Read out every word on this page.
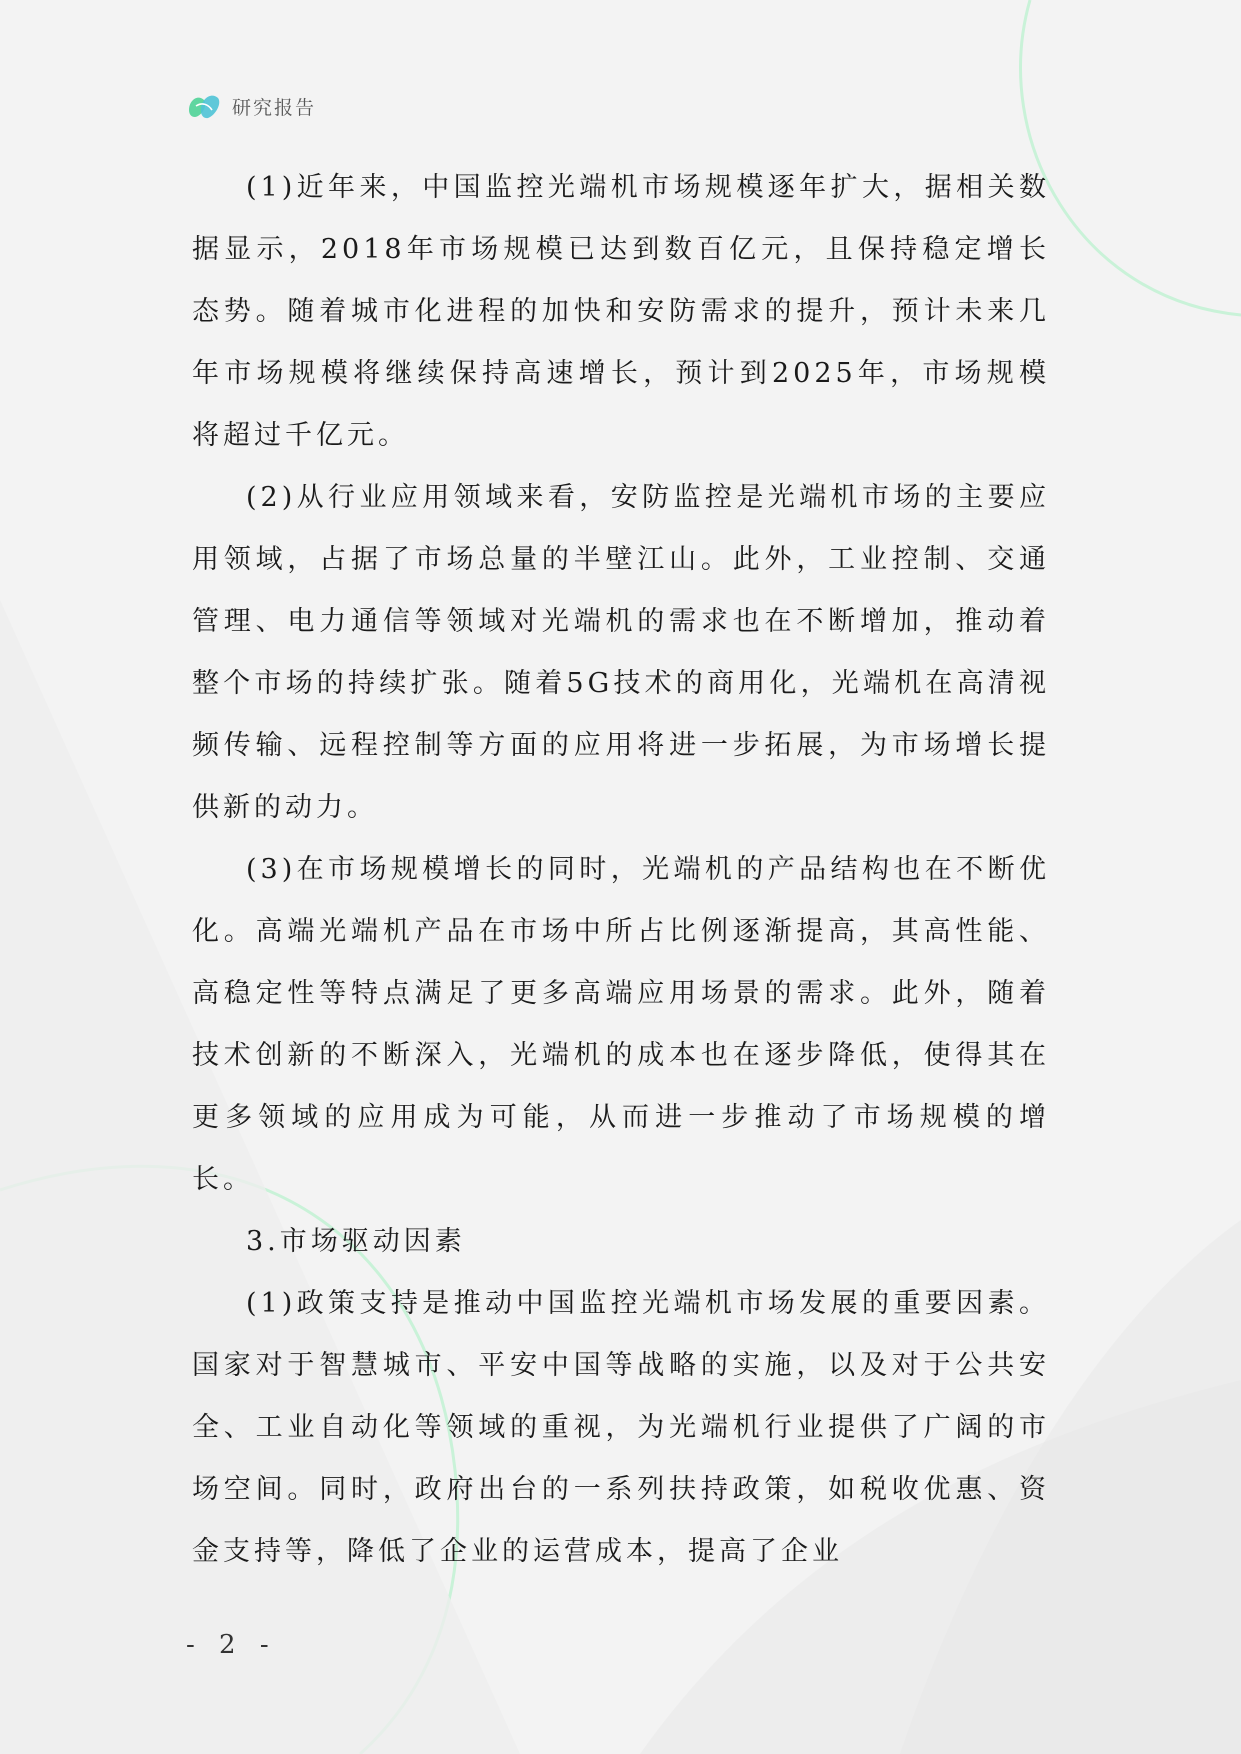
研究报告

(1)近年来，中国监控光端机市场规模逐年扩大，据相关数据显示，2018年市场规模已达到数百亿元，且保持稳定增长态势。随着城市化进程的加快和安防需求的提升，预计未来几年市场规模将继续保持高速增长，预计到2025年，市场规模将超过千亿元。

(2)从行业应用领域来看，安防监控是光端机市场的主要应用领域，占据了市场总量的半壁江山。此外，工业控制、交通管理、电力通信等领域对光端机的需求也在不断增加，推动着整个市场的持续扩张。随着5G技术的商用化，光端机在高清视频传输、远程控制等方面的应用将进一步拓展，为市场增长提供新的动力。

(3)在市场规模增长的同时，光端机的产品结构也在不断优化。高端光端机产品在市场中所占比例逐渐提高，其高性能、高稳定性等特点满足了更多高端应用场景的需求。此外，随着技术创新的不断深入，光端机的成本也在逐步降低，使得其在更多领域的应用成为可能，从而进一步推动了市场规模的增长。

3.市场驱动因素

(1)政策支持是推动中国监控光端机市场发展的重要因素。国家对于智慧城市、平安中国等战略的实施，以及对于公共安全、工业自动化等领域的重视，为光端机行业提供了广阔的市场空间。同时，政府出台的一系列扶持政策，如税收优惠、资金支持等，降低了企业的运营成本，提高了企业

- 2 -
